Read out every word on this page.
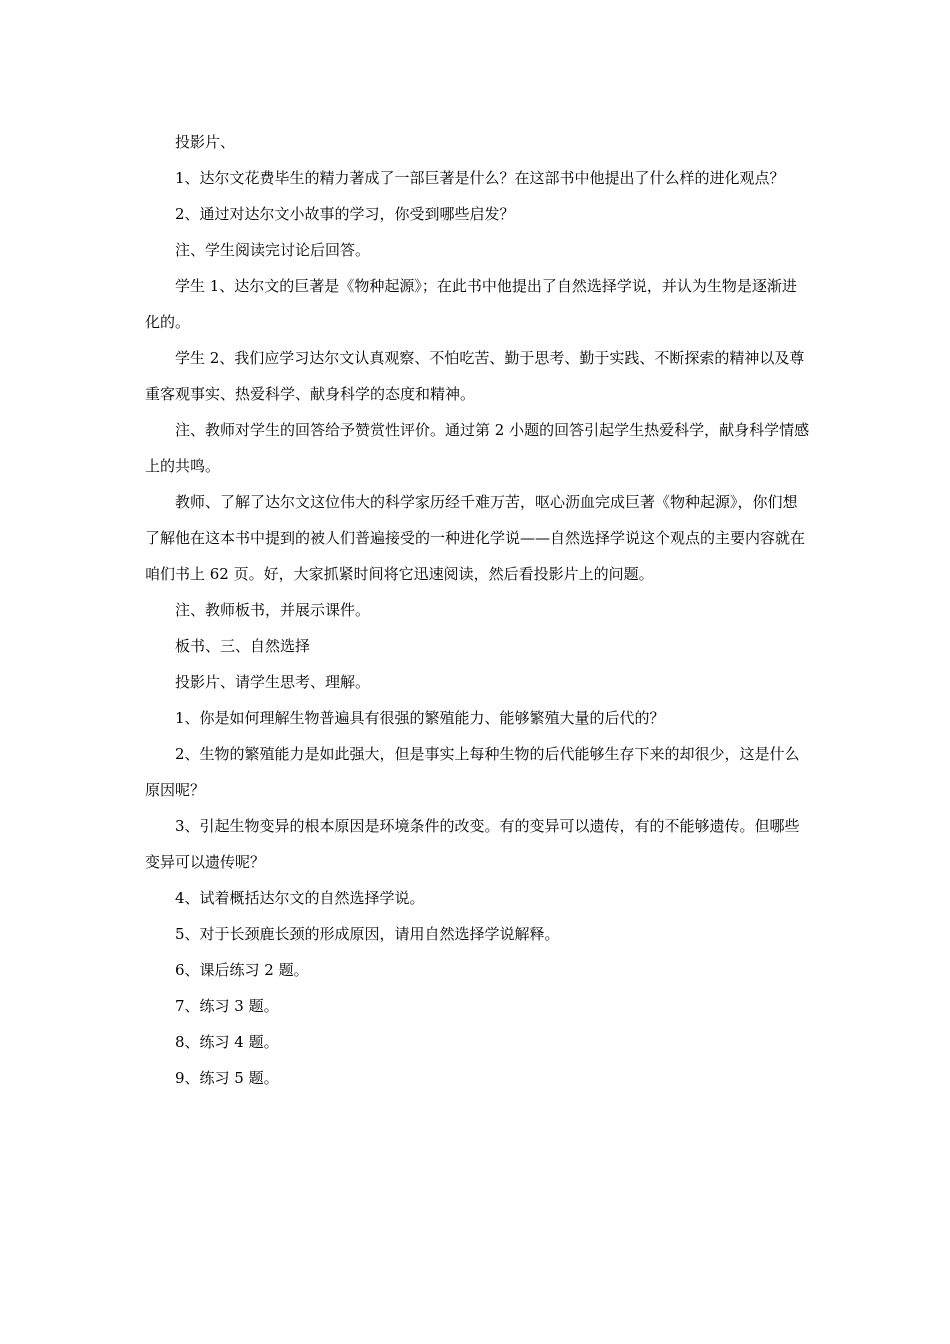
投影片、

1、达尔文花费毕生的精力著成了一部巨著是什么？在这部书中他提出了什么样的进化观点？

2、通过对达尔文小故事的学习，你受到哪些启发？

注、学生阅读完讨论后回答。

学生 1、达尔文的巨著是《物种起源》；在此书中他提出了自然选择学说，并认为生物是逐渐进化的。

学生 2、我们应学习达尔文认真观察、不怕吃苦、勤于思考、勤于实践、不断探索的精神以及尊重客观事实、热爱科学、献身科学的态度和精神。

注、教师对学生的回答给予赞赏性评价。通过第 2 小题的回答引起学生热爱科学，献身科学情感上的共鸣。

教师、了解了达尔文这位伟大的科学家历经千难万苦，呕心沥血完成巨著《物种起源》，你们想了解他在这本书中提到的被人们普遍接受的一种进化学说——自然选择学说这个观点的主要内容就在咱们书上 62 页。好，大家抓紧时间将它迅速阅读，然后看投影片上的问题。

注、教师板书，并展示课件。

板书、三、自然选择

投影片、请学生思考、理解。

1、你是如何理解生物普遍具有很强的繁殖能力、能够繁殖大量的后代的？

2、生物的繁殖能力是如此强大，但是事实上每种生物的后代能够生存下来的却很少，这是什么原因呢？

3、引起生物变异的根本原因是环境条件的改变。有的变异可以遗传，有的不能够遗传。但哪些变异可以遗传呢？

4、试着概括达尔文的自然选择学说。

5、对于长颈鹿长颈的形成原因，请用自然选择学说解释。

6、课后练习 2 题。

7、练习 3 题。

8、练习 4 题。

9、练习 5 题。
